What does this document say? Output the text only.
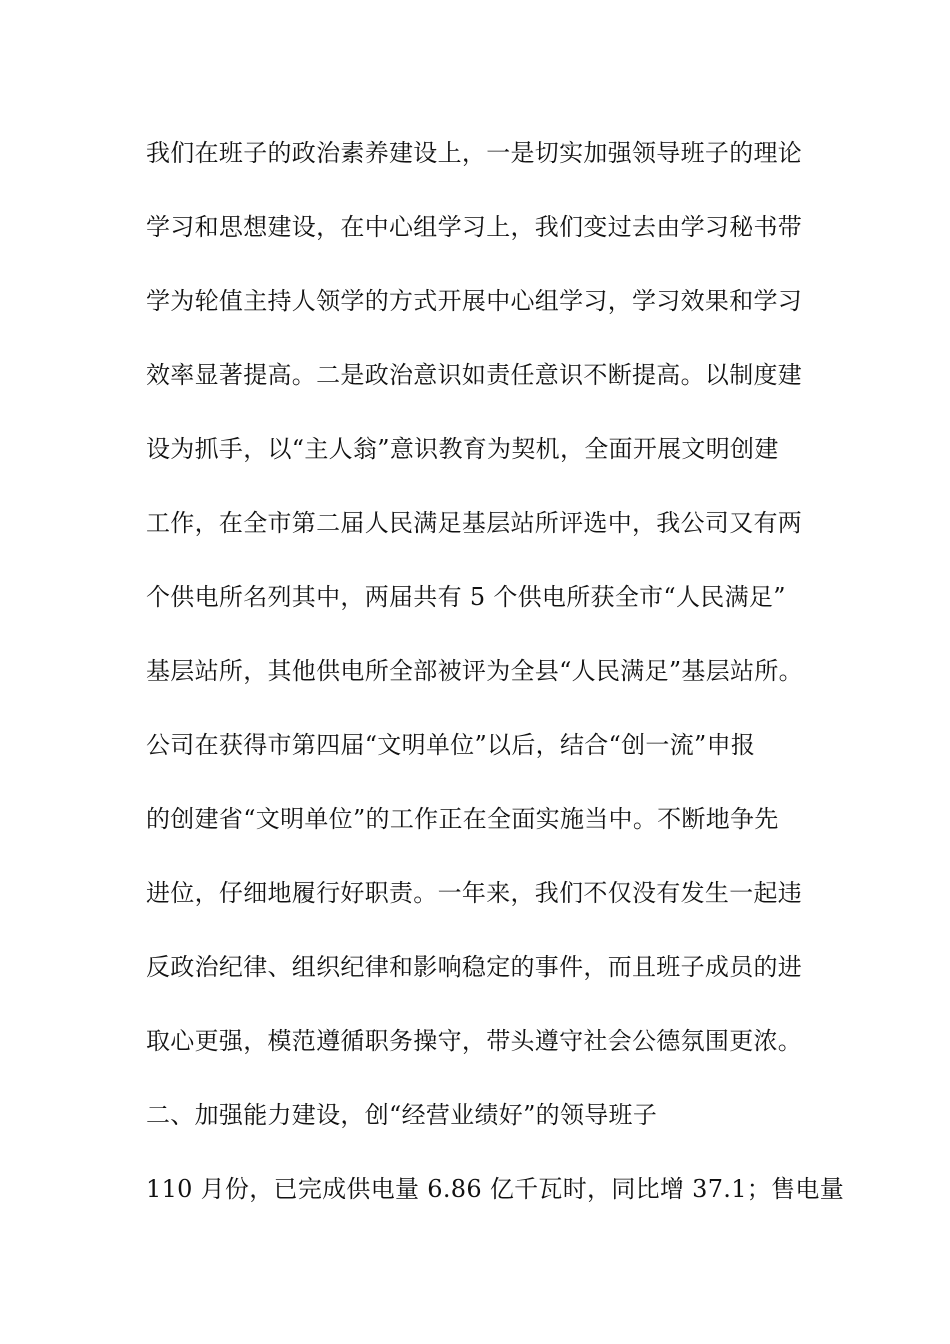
我们在班子的政治素养建设上，一是切实加强领导班子的理论
学习和思想建设，在中心组学习上，我们变过去由学习秘书带
学为轮值主持人领学的方式开展中心组学习，学习效果和学习
效率显著提高。二是政治意识如责任意识不断提高。以制度建
设为抓手，以“主人翁”意识教育为契机，全面开展文明创建
工作，在全市第二届人民满足基层站所评选中，我公司又有两
个供电所名列其中，两届共有 5 个供电所获全市“人民满足”
基层站所，其他供电所全部被评为全县“人民满足”基层站所。
公司在获得市第四届“文明单位”以后，结合“创一流”申报
的创建省“文明单位”的工作正在全面实施当中。不断地争先
进位，仔细地履行好职责。一年来，我们不仅没有发生一起违
反政治纪律、组织纪律和影响稳定的事件，而且班子成员的进
取心更强，模范遵循职务操守，带头遵守社会公德氛围更浓。
二、加强能力建设，创“经营业绩好”的领导班子
110 月份，已完成供电量 6.86 亿千瓦时，同比增 37.1；售电量
